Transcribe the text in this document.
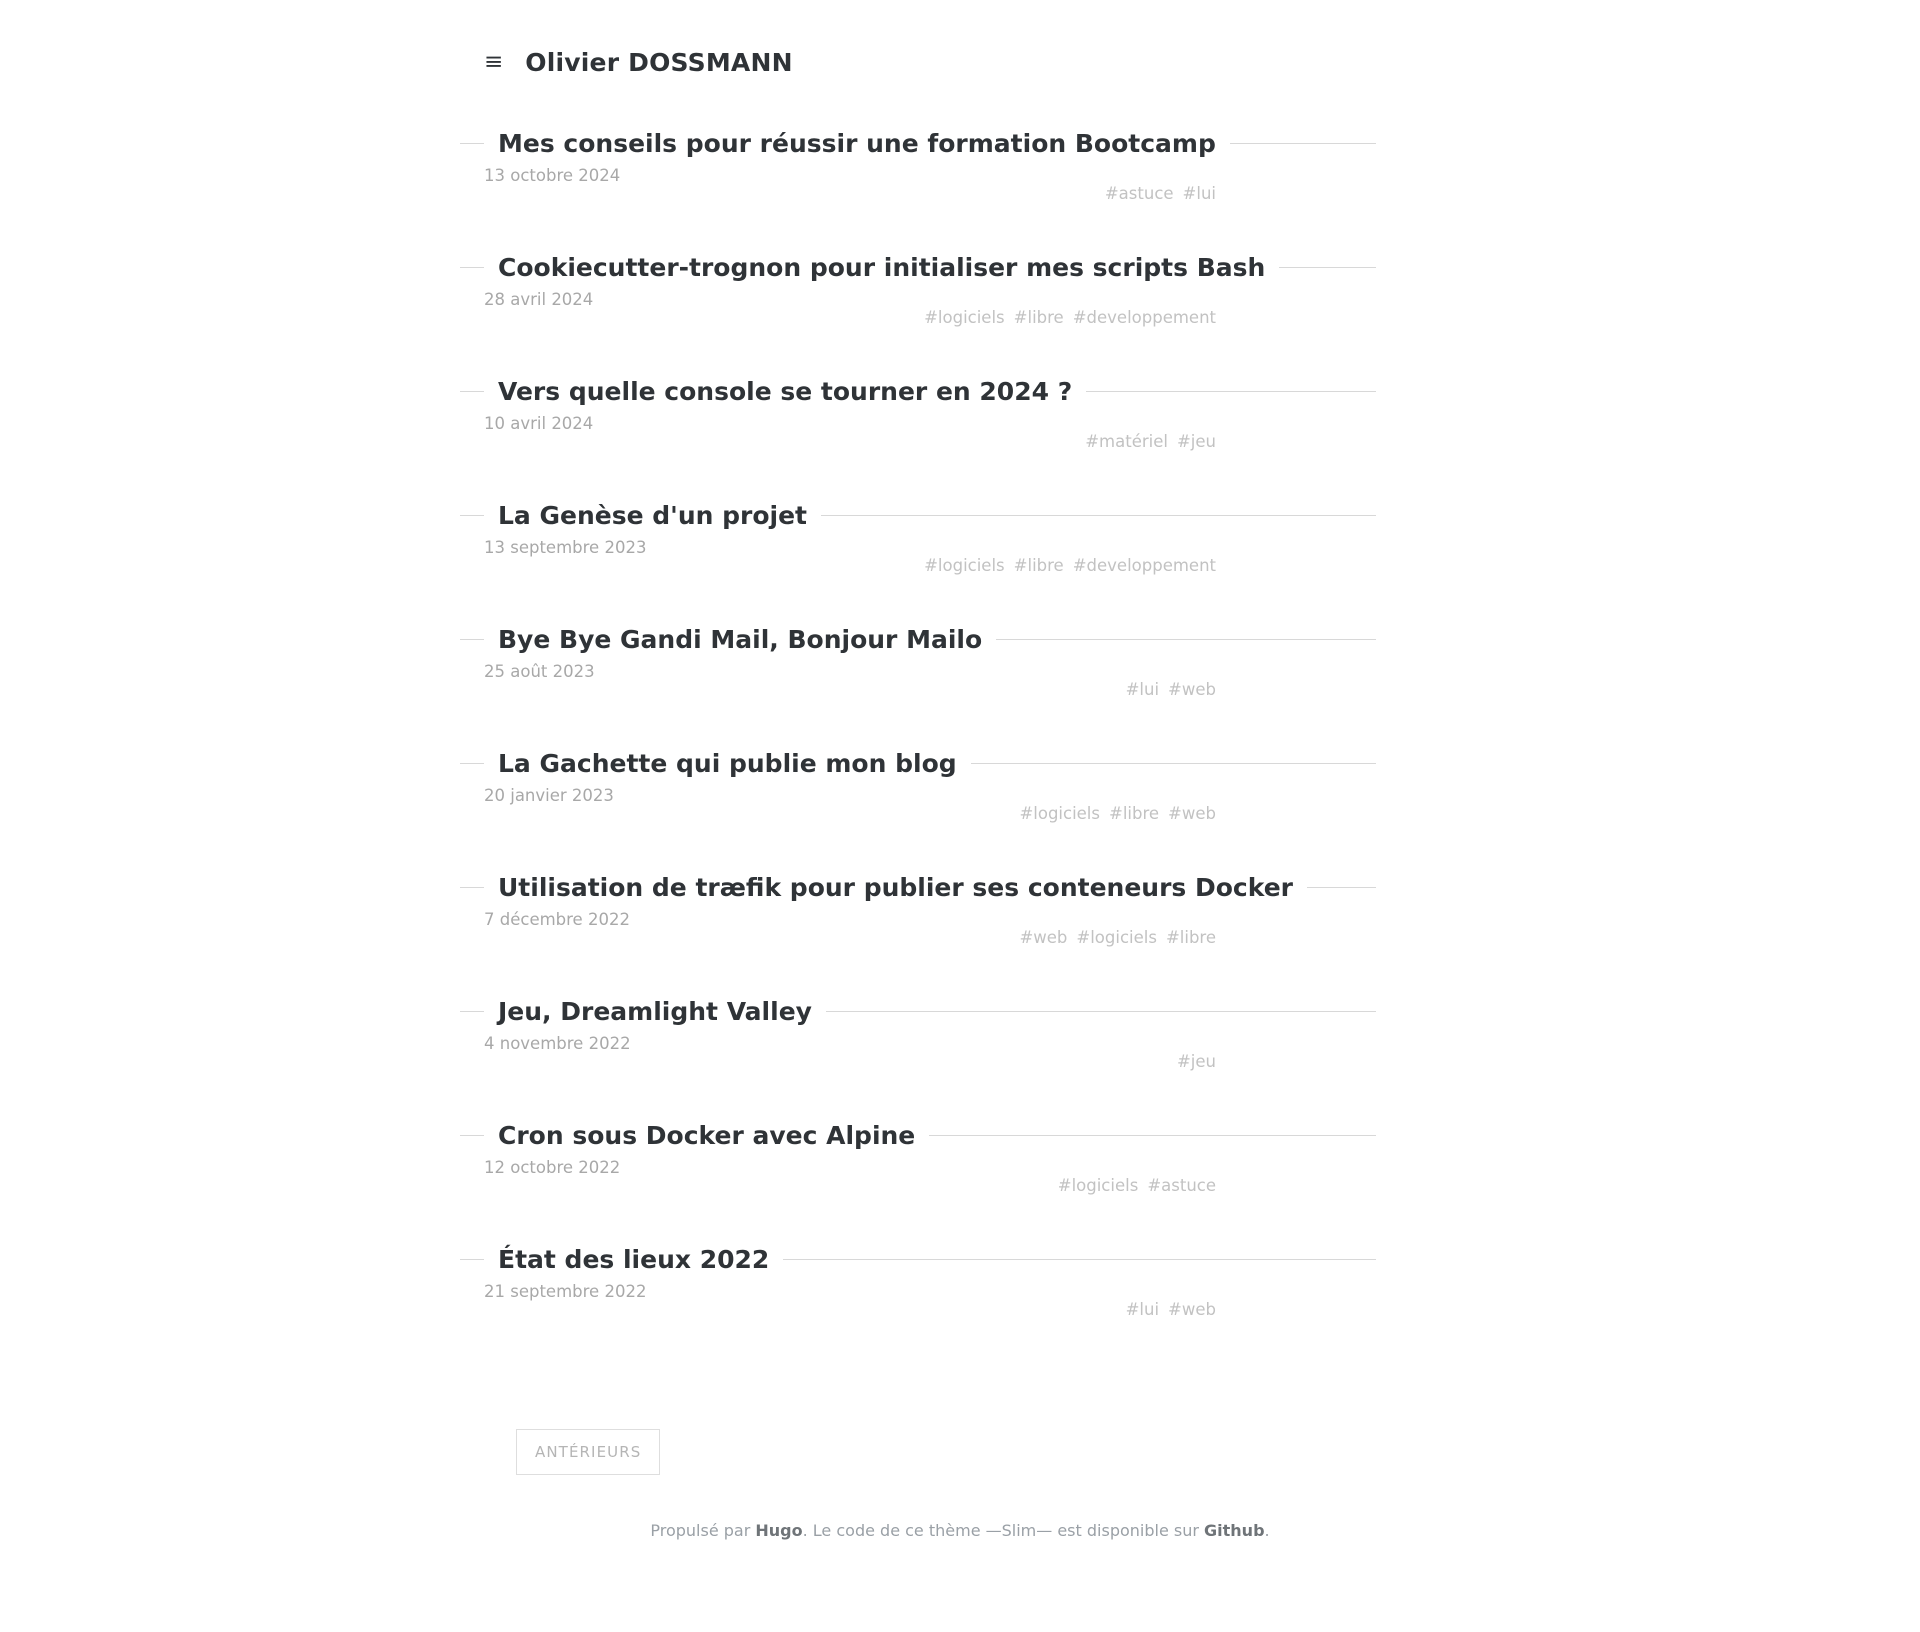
≡ Olivier DOSSMANN
Mes conseils pour réussir une formation Bootcamp
13 octobre 2024
#astuce #lui
Cookiecutter-trognon pour initialiser mes scripts Bash
28 avril 2024
#logiciels #libre #developpement
Vers quelle console se tourner en 2024 ?
10 avril 2024
#matériel #jeu
La Genèse d'un projet
13 septembre 2023
#logiciels #libre #developpement
Bye Bye Gandi Mail, Bonjour Mailo
25 août 2023
#lui #web
La Gachette qui publie mon blog
20 janvier 2023
#logiciels #libre #web
Utilisation de træfik pour publier ses conteneurs Docker
7 décembre 2022
#web #logiciels #libre
Jeu, Dreamlight Valley
4 novembre 2022
#jeu
Cron sous Docker avec Alpine
12 octobre 2022
#logiciels #astuce
État des lieux 2022
21 septembre 2022
#lui #web
ANTÉRIEURS
Propulsé par Hugo. Le code de ce thème —Slim— est disponible sur Github.
